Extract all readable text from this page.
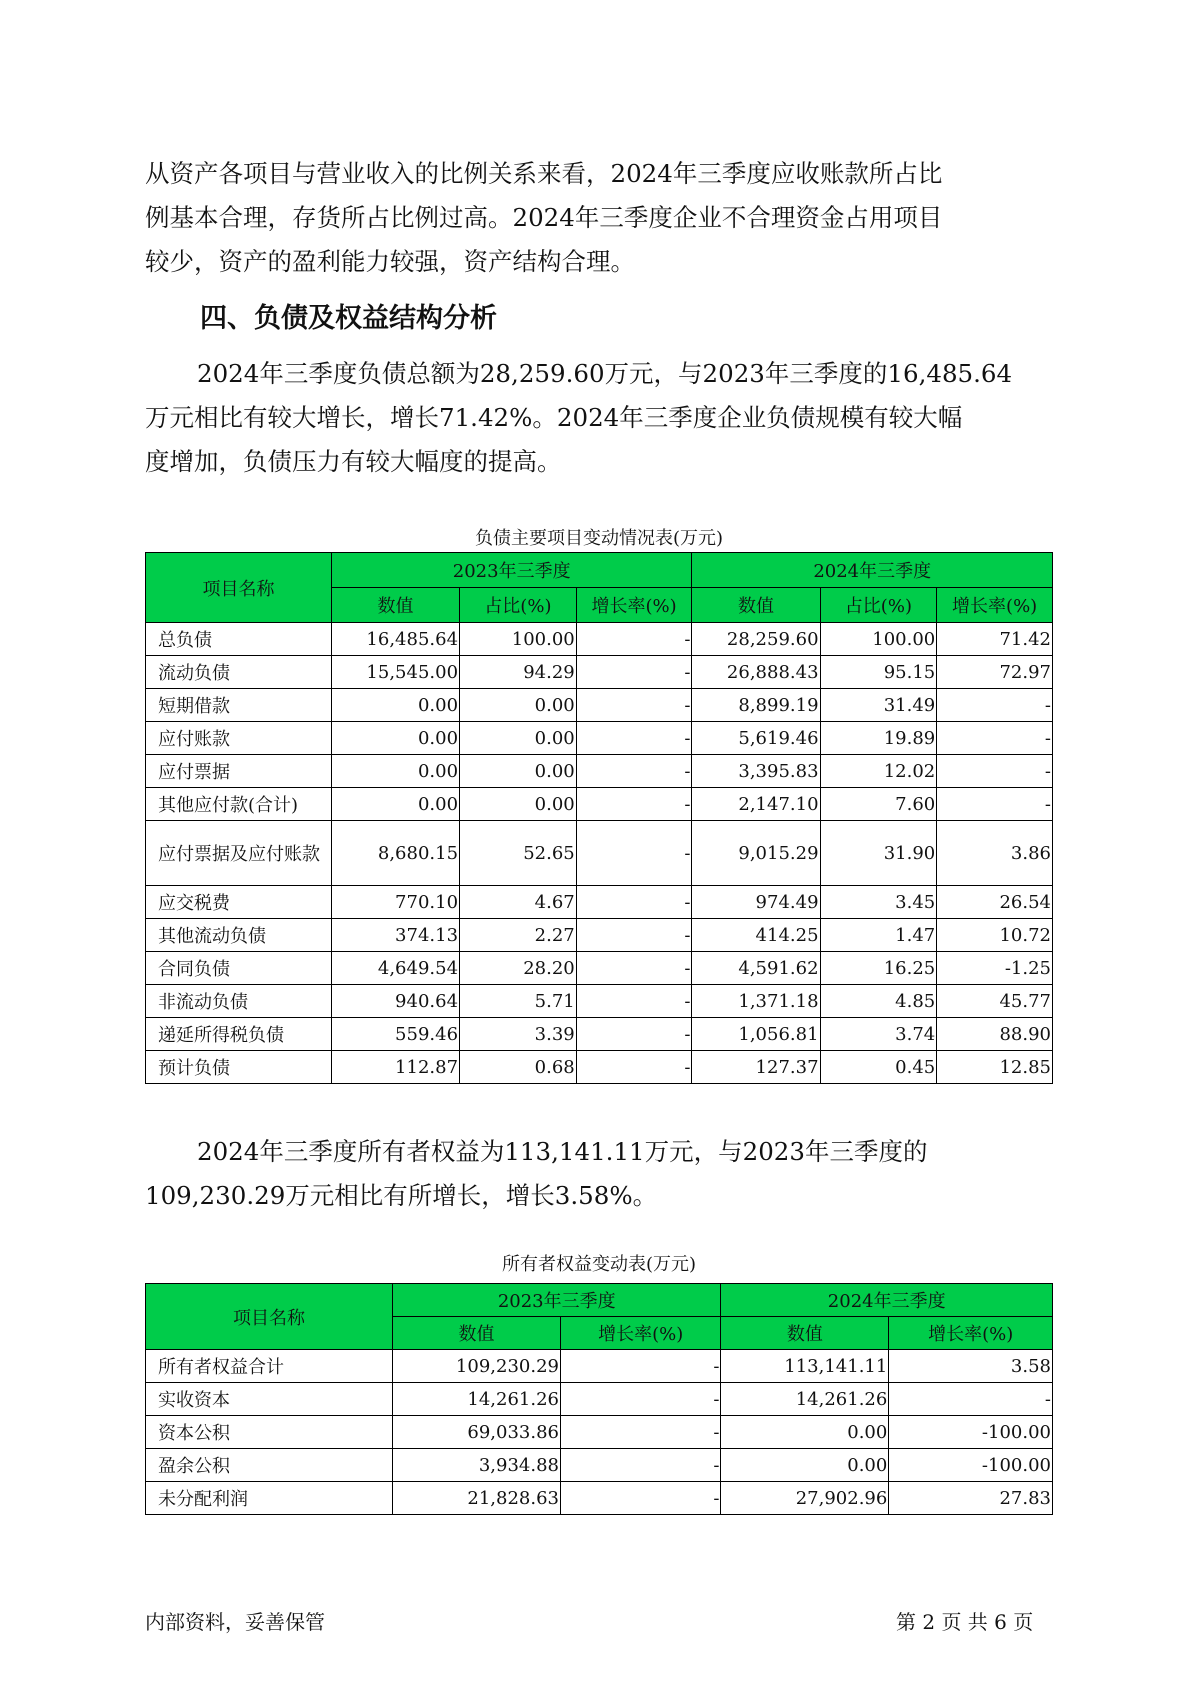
从资产各项目与营业收入的比例关系来看，2024年三季度应收账款所占比
例基本合理，存货所占比例过高。2024年三季度企业不合理资金占用项目
较少，资产的盈利能力较强，资产结构合理。

四、负债及权益结构分析

2024年三季度负债总额为28,259.60万元，与2023年三季度的16,485.64
万元相比有较大增长，增长71.42%。2024年三季度企业负债规模有较大幅
度增加，负债压力有较大幅度的提高。

负债主要项目变动情况表(万元)
项目名称	2023年三季度			2024年三季度		
	数值	占比(%)	增长率(%)	数值	占比(%)	增长率(%)
总负债	16,485.64	100.00	-	28,259.60	100.00	71.42
流动负债	15,545.00	94.29	-	26,888.43	95.15	72.97
短期借款	0.00	0.00	-	8,899.19	31.49	-
应付账款	0.00	0.00	-	5,619.46	19.89	-
应付票据	0.00	0.00	-	3,395.83	12.02	-
其他应付款(合计)	0.00	0.00	-	2,147.10	7.60	-
应付票据及应付账款	8,680.15	52.65	-	9,015.29	31.90	3.86
应交税费	770.10	4.67	-	974.49	3.45	26.54
其他流动负债	374.13	2.27	-	414.25	1.47	10.72
合同负债	4,649.54	28.20	-	4,591.62	16.25	-1.25
非流动负债	940.64	5.71	-	1,371.18	4.85	45.77
递延所得税负债	559.46	3.39	-	1,056.81	3.74	88.90
预计负债	112.87	0.68	-	127.37	0.45	12.85

2024年三季度所有者权益为113,141.11万元，与2023年三季度的
109,230.29万元相比有所增长，增长3.58%。

所有者权益变动表(万元)
项目名称	2023年三季度		2024年三季度	
	数值	增长率(%)	数值	增长率(%)
所有者权益合计	109,230.29	-	113,141.11	3.58
实收资本	14,261.26	-	14,261.26	-
资本公积	69,033.86	-	0.00	-100.00
盈余公积	3,934.88	-	0.00	-100.00
未分配利润	21,828.63	-	27,902.96	27.83
内部资料，妥善保管	第 2 页 共 6 页
